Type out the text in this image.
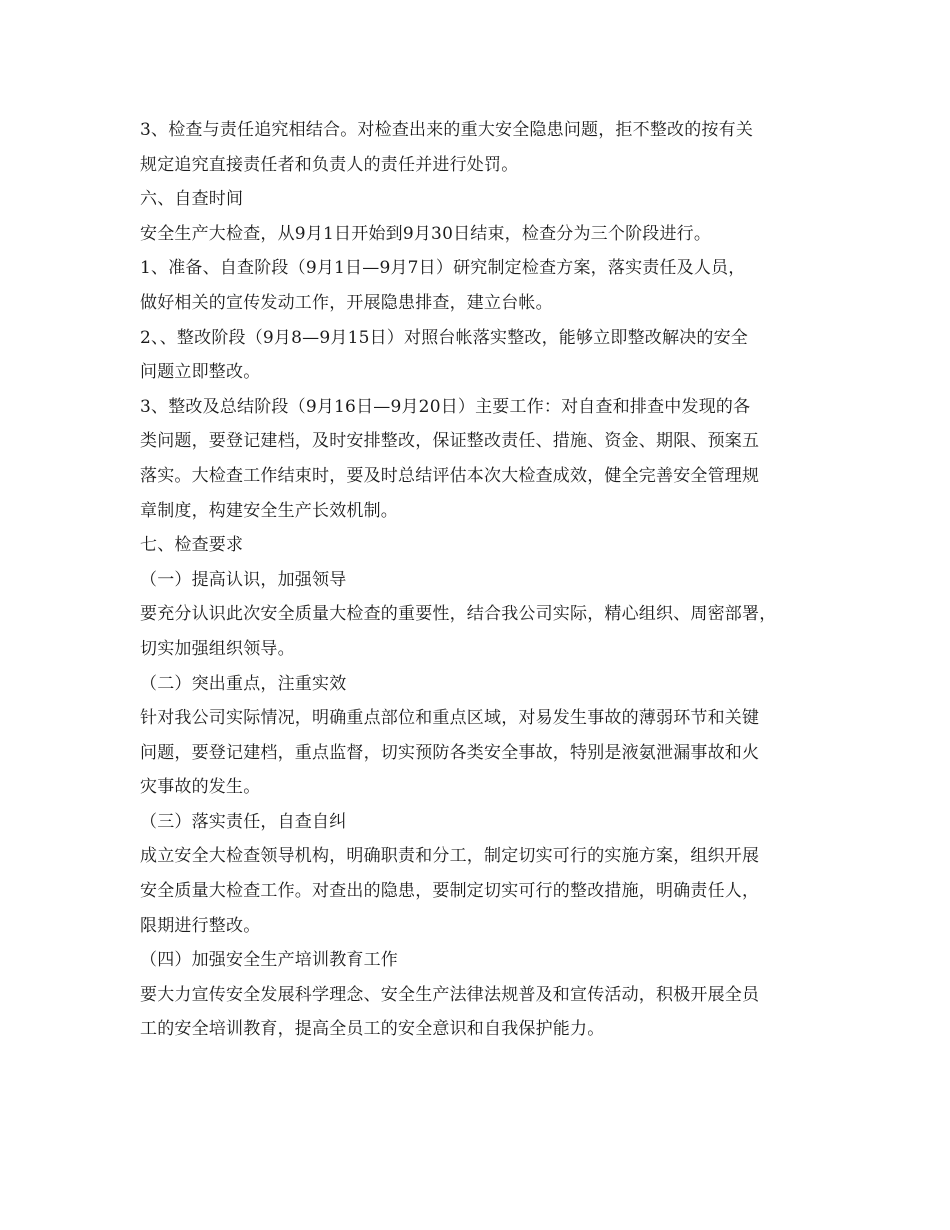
3、检查与责任追究相结合。对检查出来的重大安全隐患问题，拒不整改的按有关
规定追究直接责任者和负责人的责任并进行处罚。
六、自查时间
安全生产大检查，从9月1日开始到9月30日结束，检查分为三个阶段进行。
1、准备、自查阶段（9月1日—9月7日）研究制定检查方案，落实责任及人员，
做好相关的宣传发动工作，开展隐患排查，建立台帐。
2、、整改阶段（9月8—9月15日）对照台帐落实整改，能够立即整改解决的安全
问题立即整改。
3、整改及总结阶段（9月16日—9月20日）主要工作：对自查和排查中发现的各
类问题，要登记建档，及时安排整改，保证整改责任、措施、资金、期限、预案五
落实。大检查工作结束时，要及时总结评估本次大检查成效，健全完善安全管理规
章制度，构建安全生产长效机制。
七、检查要求
（一）提高认识，加强领导
要充分认识此次安全质量大检查的重要性，结合我公司实际，精心组织、周密部署，
切实加强组织领导。
（二）突出重点，注重实效
针对我公司实际情况，明确重点部位和重点区域，对易发生事故的薄弱环节和关键
问题，要登记建档，重点监督，切实预防各类安全事故，特别是液氨泄漏事故和火
灾事故的发生。
（三）落实责任，自查自纠
成立安全大检查领导机构，明确职责和分工，制定切实可行的实施方案，组织开展
安全质量大检查工作。对查出的隐患，要制定切实可行的整改措施，明确责任人，
限期进行整改。
（四）加强安全生产培训教育工作
要大力宣传安全发展科学理念、安全生产法律法规普及和宣传活动，积极开展全员
工的安全培训教育，提高全员工的安全意识和自我保护能力。
